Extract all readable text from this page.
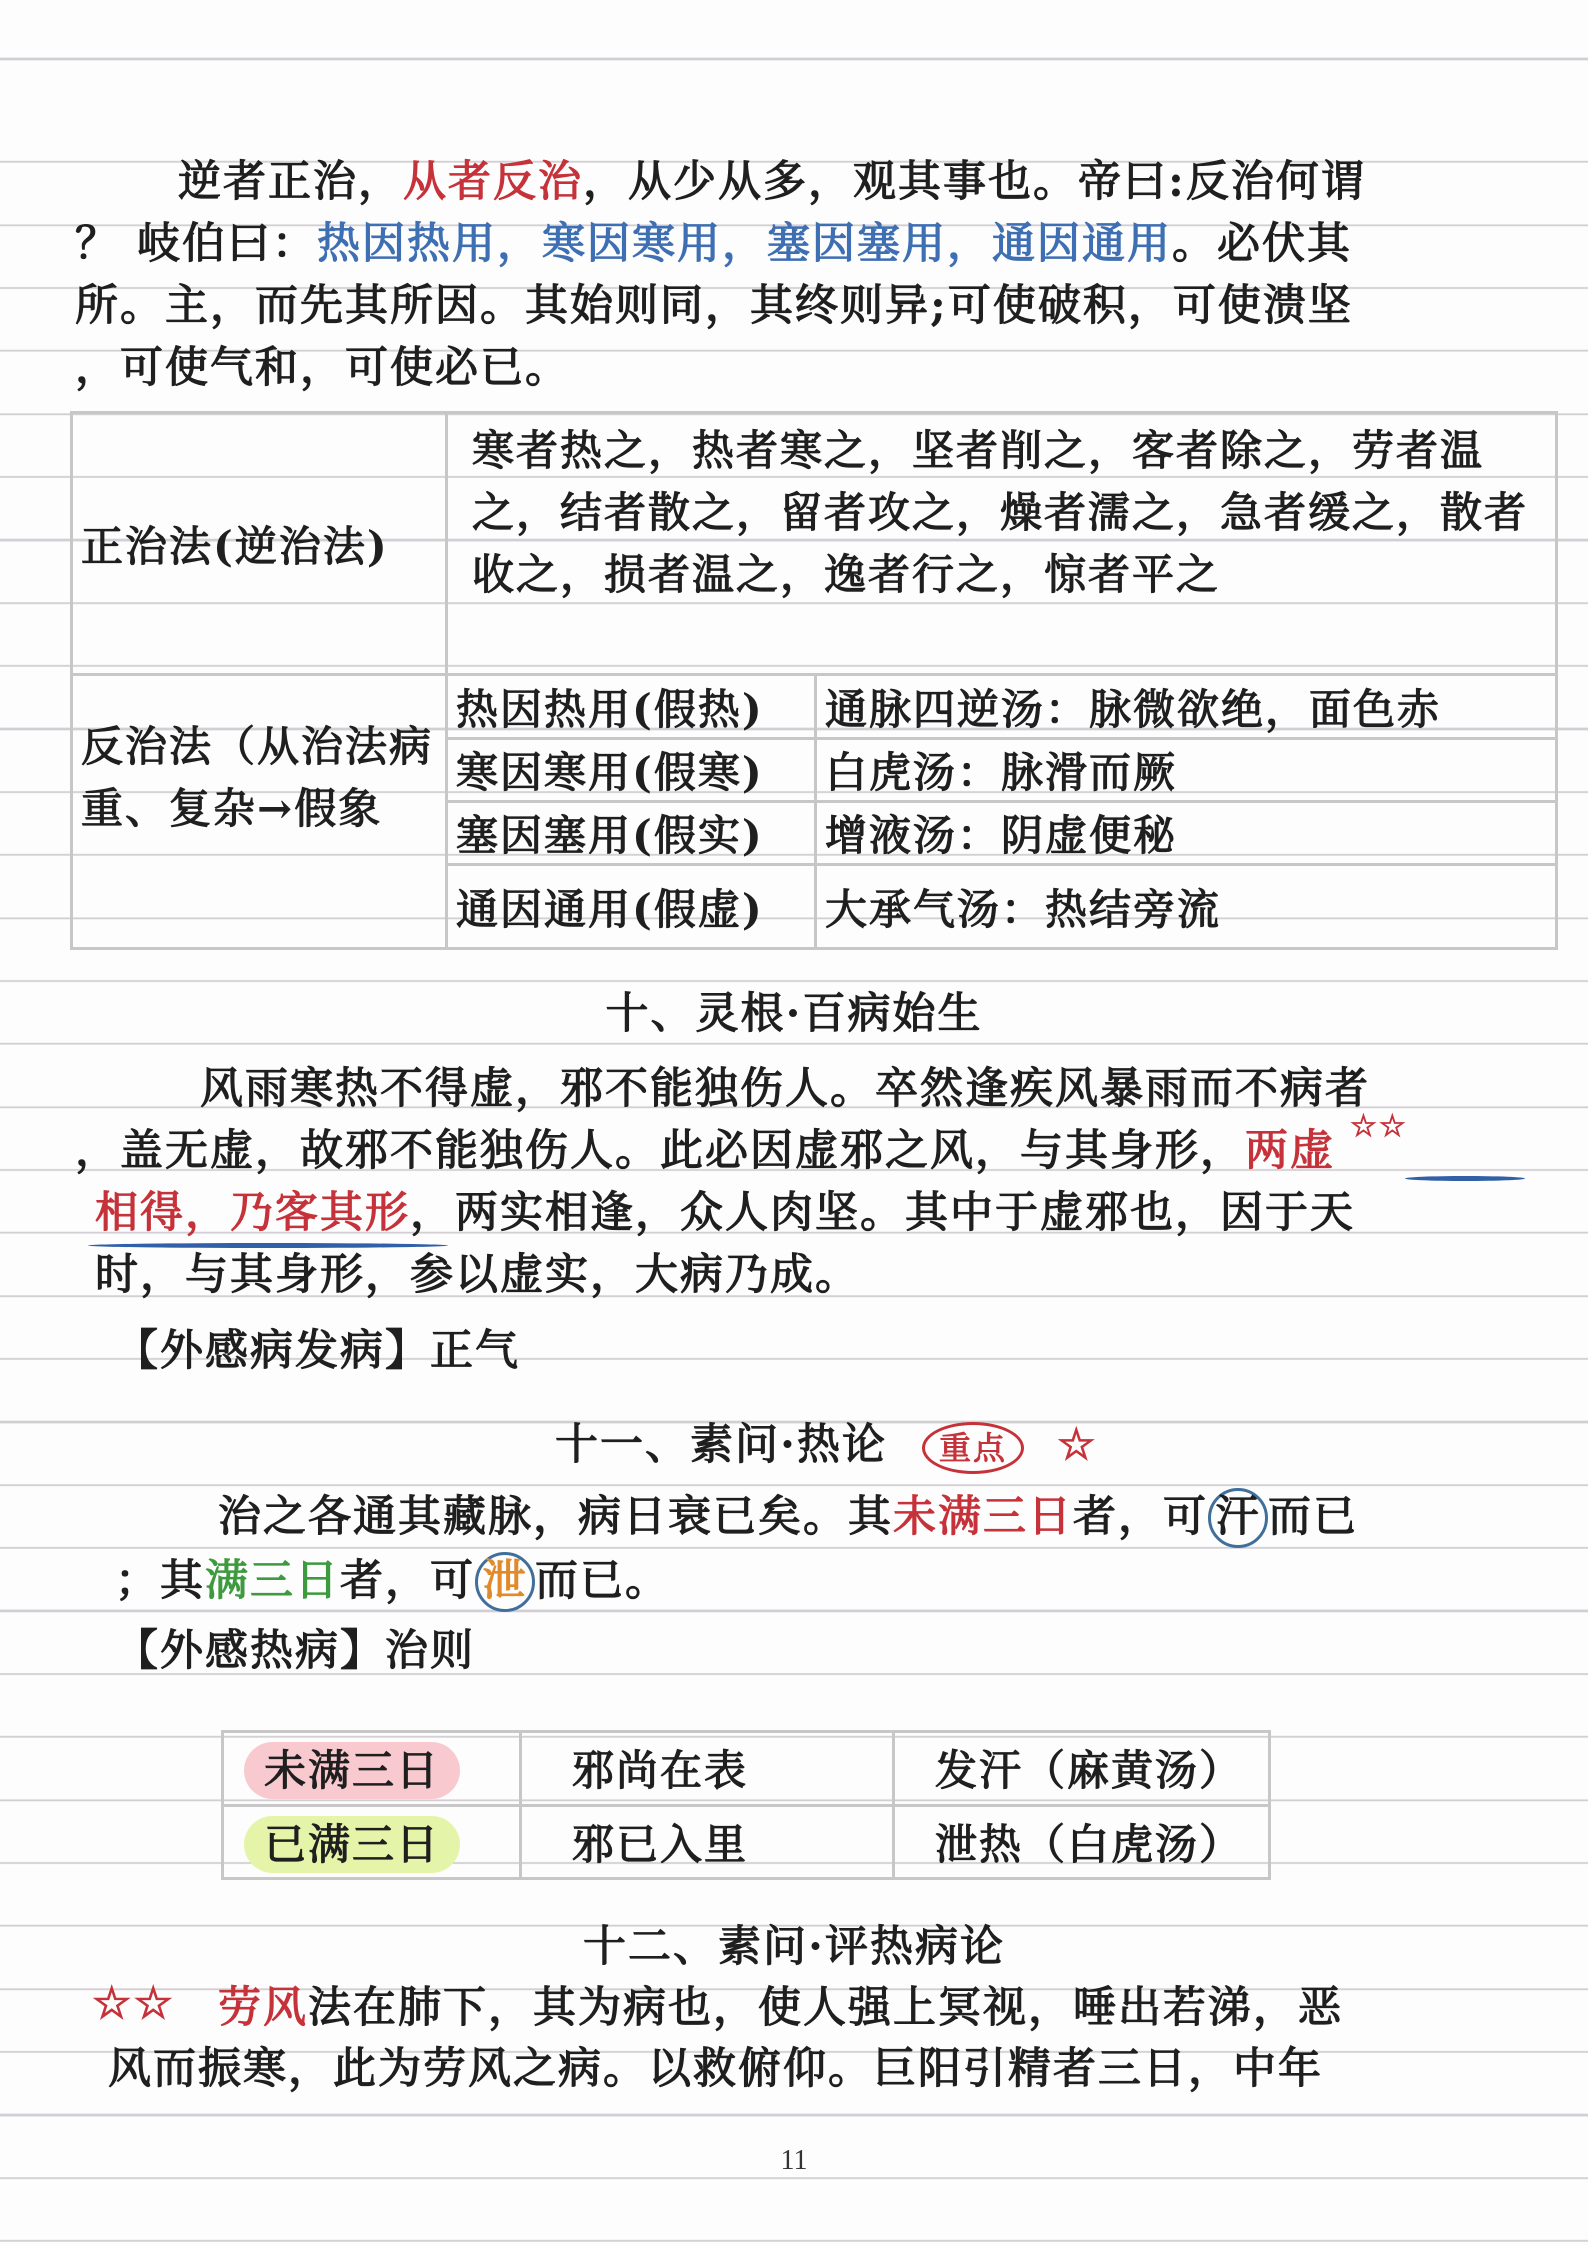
逆者正治，从者反治，从少从多，观其事也。帝曰:反治何谓
？ 岐伯曰：热因热用，寒因寒用，塞因塞用，通因通用。必伏其
所。主，而先其所因。其始则同，其终则异;可使破积，可使溃坚
，可使气和，可使必已。
正治法(逆治法)	寒者热之，热者寒之，坚者削之，客者除之，劳者温之，结者散之，留者攻之，燥者濡之，急者缓之，散者收之，损者温之，逸者行之，惊者平之	
反治法（从治法病重、复杂→假象	热因热用(假热)	通脉四逆汤：脉微欲绝，面色赤
	寒因寒用(假寒)	白虎汤：脉滑而厥
	塞因塞用(假实)	增液汤：阴虚便秘
	通因通用(假虚)	大承气汤：热结旁流
十、灵根·百病始生
风雨寒热不得虚，邪不能独伤人。卒然逢疾风暴雨而不病者
，盖无虚，故邪不能独伤人。此必因虚邪之风，与其身形，两虚 ☆☆
相得，乃客其形，两实相逢，众人肉坚。其中于虚邪也，因于天
时，与其身形，参以虚实，大病乃成。
【外感病发病】正气
十一、素问·热论 重点 ☆
治之各通其藏脉，病日衰已矣。其未满三日者，可 汗 而已
；其满三日者，可 泄 而已。
【外感热病】治则
未满三日	邪尚在表	发汗（麻黄汤）
已满三日	邪已入里	泄热（白虎汤）
十二、素问·评热病论
☆☆ 劳风法在肺下，其为病也，使人强上冥视，唾出若涕，恶
风而振寒，此为劳风之病。以救俯仰。巨阳引精者三日，中年
11
